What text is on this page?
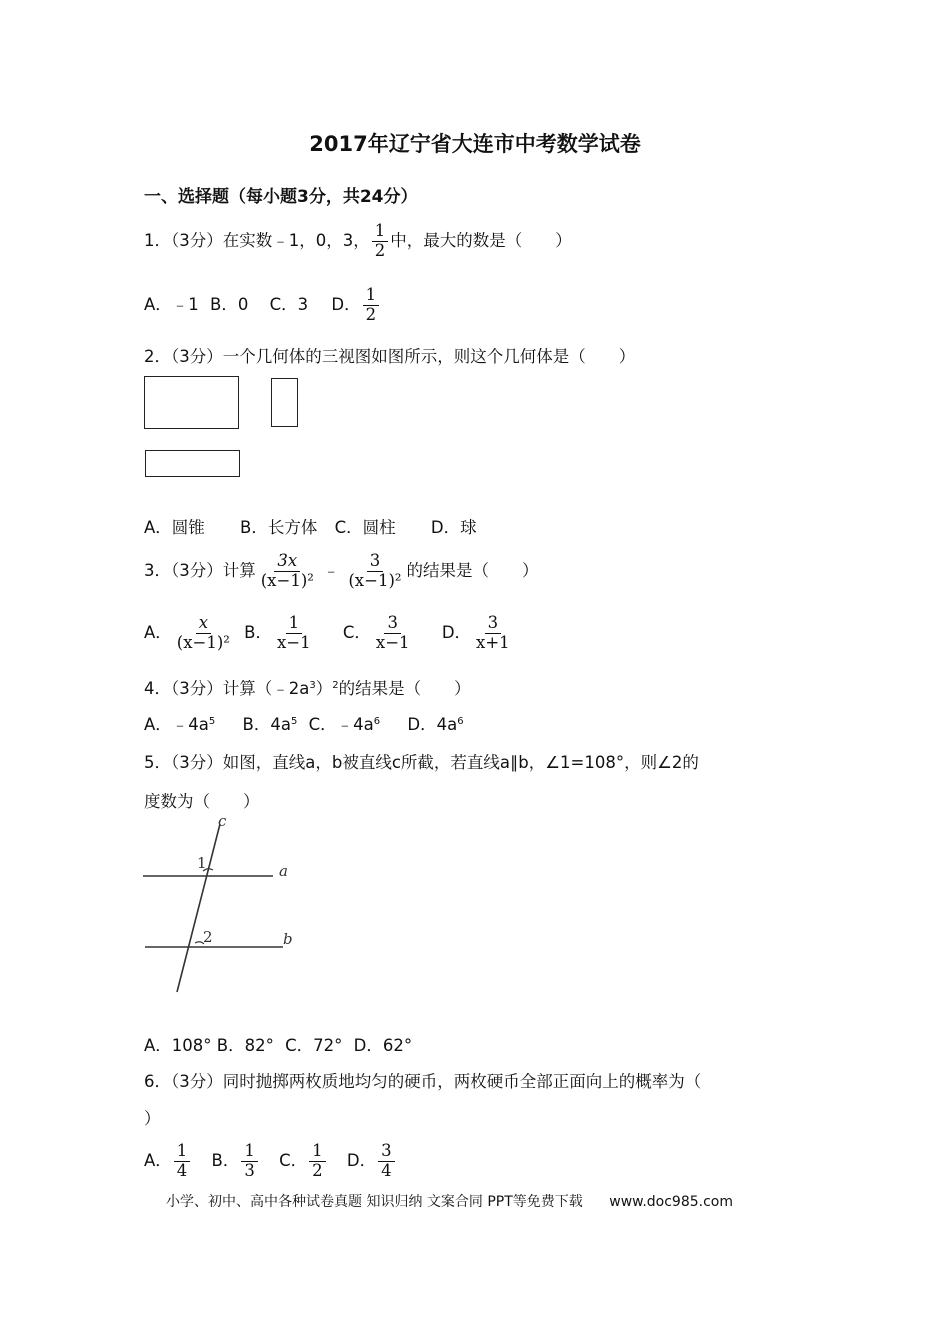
2017年辽宁省大连市中考数学试卷
一、选择题（每小题3分，共24分）
1．（3分）在实数﹣1，0，3， $\frac{1}{2}$ 中，最大的数是（　　）
A．﹣1 B．0 C．3 D． $\frac{1}{2}$
2．（3分）一个几何体的三视图如图所示，则这个几何体是（　　）
A．圆锥 B．长方体 C．圆柱 D．球
3．（3分）计算 $\frac{3x}{\text{(x−1)²}}$ ﹣ $\frac{3}{\text{(x−1)²}}$ 的结果是（　　）
A． $\frac{x}{\text{(x−1)²}}$ B． $\frac{1}{x-1}$ C． $\frac{3}{x-1}$ D． $\frac{3}{x+1}$
4．（3分）计算$(﹣2a^3)^2$的结果是（　　）
A．$﹣4a^5$ B．$4a^5$ C．$﹣4a^6$ D．$4a^6$
5．（3分）如图，直线a，b被直线c所截，若直线a∥b，∠1=108°，则∠2的
度数为（　　）
c
a
b
1
2
A．108° B．82° C．72° D．62°
6．（3分）同时抛掷两枚质地均匀的硬币，两枚硬币全部正面向上的概率为（
）
A． $\frac{1}{4}$ B． $\frac{1}{3}$ C． $\frac{1}{2}$ D． $\frac{3}{4}$
小学、初中、高中各种试卷真题 知识归纳 文案合同 PPT等免费下载 www.doc985.com
